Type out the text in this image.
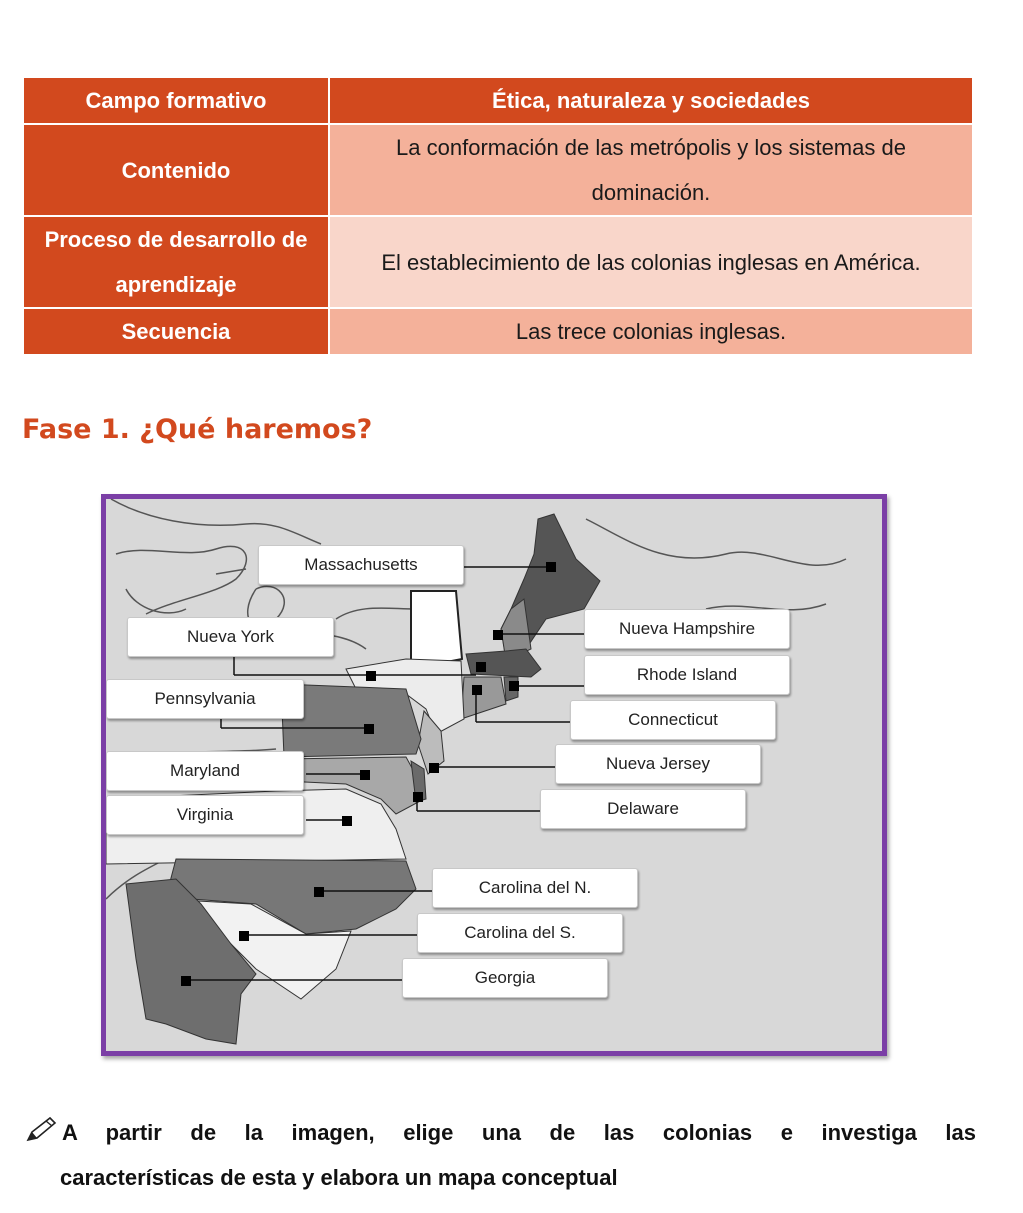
Campo formativo	Ética, naturaleza y sociedades
Contenido	La conformación de las metrópolis y los sistemas de dominación.
Proceso de desarrollo de aprendizaje	El establecimiento de las colonias inglesas en América.
Secuencia	Las trece colonias inglesas.
Fase 1. ¿Qué haremos?
Massachusetts
Nueva York
Pennsylvania
Maryland
Virginia
Nueva Hampshire
Rhode Island
Connecticut
Nueva Jersey
Delaware
Carolina del N.
Carolina del S.
Georgia

A partir de la imagen, elige una de las colonias e investiga las
características de esta y elabora un mapa conceptual
